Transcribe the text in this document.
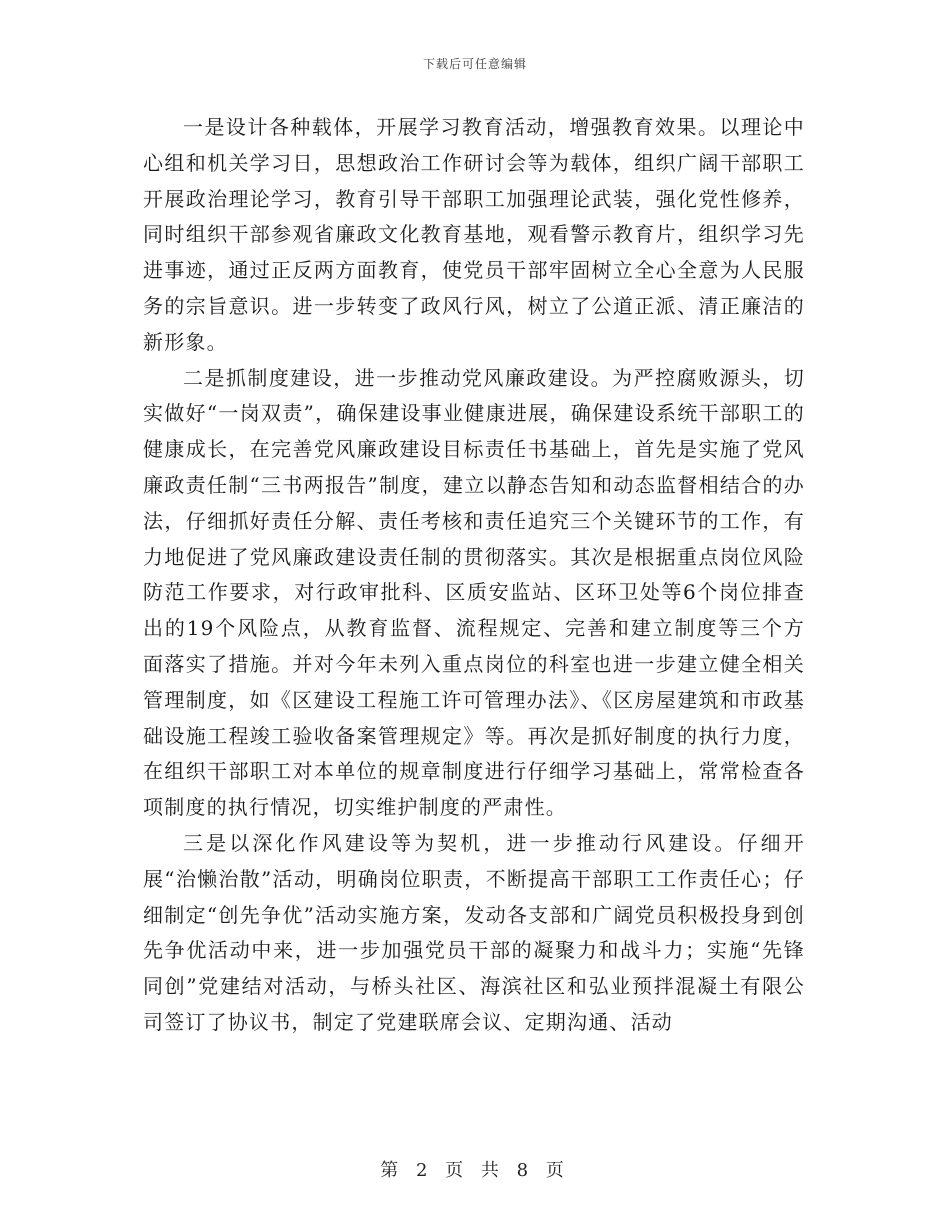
下载后可任意编辑

一是设计各种载体，开展学习教育活动，增强教育效果。以理论中心组和机关学习日，思想政治工作研讨会等为载体，组织广阔干部职工开展政治理论学习，教育引导干部职工加强理论武装，强化党性修养，同时组织干部参观省廉政文化教育基地，观看警示教育片，组织学习先进事迹，通过正反两方面教育，使党员干部牢固树立全心全意为人民服务的宗旨意识。进一步转变了政风行风，树立了公道正派、清正廉洁的新形象。

二是抓制度建设，进一步推动党风廉政建设。为严控腐败源头，切实做好“一岗双责”，确保建设事业健康进展，确保建设系统干部职工的健康成长，在完善党风廉政建设目标责任书基础上，首先是实施了党风廉政责任制“三书两报告”制度，建立以静态告知和动态监督相结合的办法，仔细抓好责任分解、责任考核和责任追究三个关键环节的工作，有力地促进了党风廉政建设责任制的贯彻落实。其次是根据重点岗位风险防范工作要求，对行政审批科、区质安监站、区环卫处等6个岗位排查出的19个风险点，从教育监督、流程规定、完善和建立制度等三个方面落实了措施。并对今年未列入重点岗位的科室也进一步建立健全相关管理制度，如《区建设工程施工许可管理办法》、《区房屋建筑和市政基础设施工程竣工验收备案管理规定》等。再次是抓好制度的执行力度，在组织干部职工对本单位的规章制度进行仔细学习基础上，常常检查各项制度的执行情况，切实维护制度的严肃性。

三是以深化作风建设等为契机，进一步推动行风建设。仔细开展“治懒治散”活动，明确岗位职责，不断提高干部职工工作责任心；仔细制定“创先争优”活动实施方案，发动各支部和广阔党员积极投身到创先争优活动中来，进一步加强党员干部的凝聚力和战斗力；实施“先锋同创”党建结对活动，与桥头社区、海滨社区和弘业预拌混凝土有限公司签订了协议书，制定了党建联席会议、定期沟通、活动

第 2 页 共 8 页
